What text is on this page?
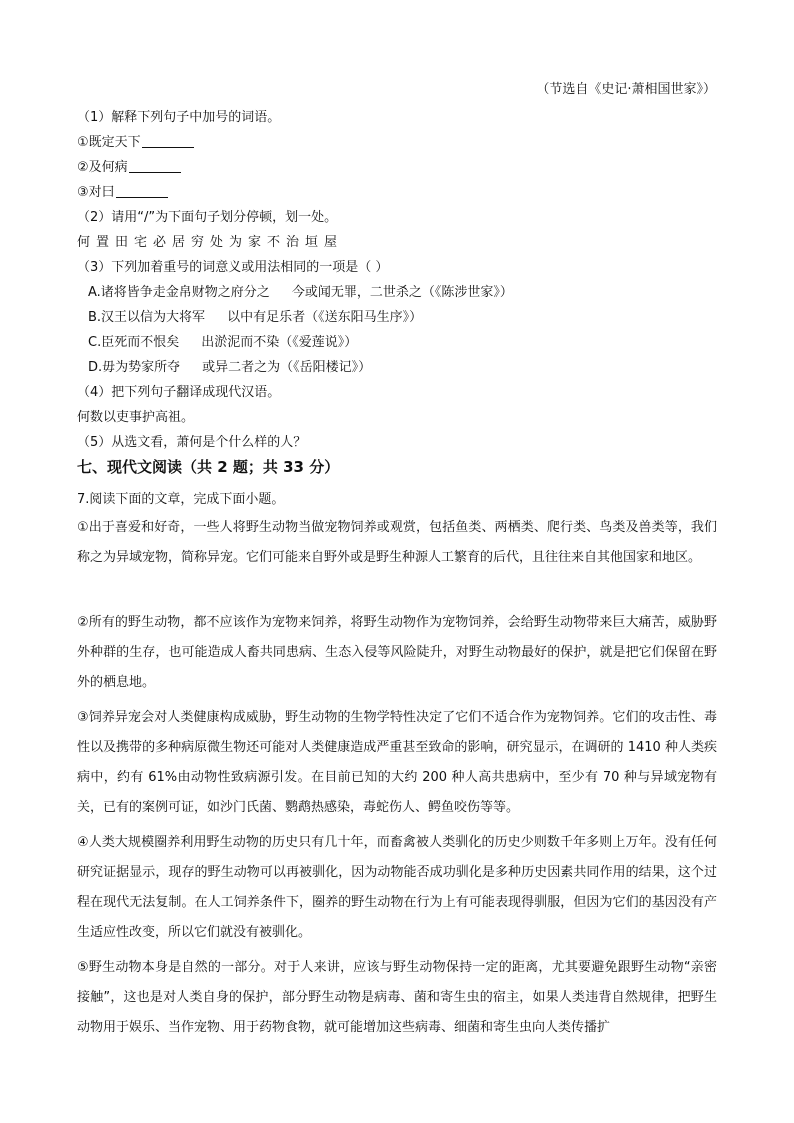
（节选自《史记·萧相国世家》）
（1）解释下列句子中加号的词语。
①既定天下
②及何病
③对曰
（2）请用“/”为下面句子划分停顿，划一处。
何置田宅必居穷处为家不治垣屋
（3）下列加着重号的词意义或用法相同的一项是（ ）
A.诸将皆争走金帛财物之府分之 今或闻无罪，二世杀之（《陈涉世家》）
B.汉王以信为大将军 以中有足乐者（《送东阳马生序》）
C.臣死而不恨矣 出淤泥而不染（《爱莲说》）
D.毋为势家所夺 或异二者之为（《岳阳楼记》）
（4）把下列句子翻译成现代汉语。
何数以吏事护高祖。
（5）从选文看，萧何是个什么样的人？
七、现代文阅读（共 2 题；共 33 分）
7.阅读下面的文章，完成下面小题。
①出于喜爱和好奇，一些人将野生动物当做宠物饲养或观赏，包括鱼类、两栖类、爬行类、鸟类及兽类等，我们称之为异域宠物，简称异宠。它们可能来自野外或是野生种源人工繁育的后代，且往往来自其他国家和地区。
②所有的野生动物，都不应该作为宠物来饲养，将野生动物作为宠物饲养，会给野生动物带来巨大痛苦，威胁野外种群的生存，也可能造成人畜共同患病、生态入侵等风险陡升，对野生动物最好的保护，就是把它们保留在野外的栖息地。
③饲养异宠会对人类健康构成威胁，野生动物的生物学特性决定了它们不适合作为宠物饲养。它们的攻击性、毒性以及携带的多种病原微生物还可能对人类健康造成严重甚至致命的影响，研究显示，在调研的 1410 种人类疾病中，约有 61%由动物性致病源引发。在目前已知的大约 200 种人高共患病中，至少有 70 种与异域宠物有关，已有的案例可证，如沙门氏菌、鹦鹉热感染，毒蛇伤人、鳄鱼咬伤等等。
④人类大规模圈养利用野生动物的历史只有几十年，而畜禽被人类驯化的历史少则数千年多则上万年。没有任何研究证据显示，现存的野生动物可以再被驯化，因为动物能否成功驯化是多种历史因素共同作用的结果，这个过程在现代无法复制。在人工饲养条件下，圈养的野生动物在行为上有可能表现得驯服，但因为它们的基因没有产生适应性改变，所以它们就没有被驯化。
⑤野生动物本身是自然的一部分。对于人来讲，应该与野生动物保持一定的距离，尤其要避免跟野生动物“亲密接触”，这也是对人类自身的保护，部分野生动物是病毒、菌和寄生虫的宿主，如果人类违背自然规律，把野生动物用于娱乐、当作宠物、用于药物食物，就可能增加这些病毒、细菌和寄生虫向人类传播扩
